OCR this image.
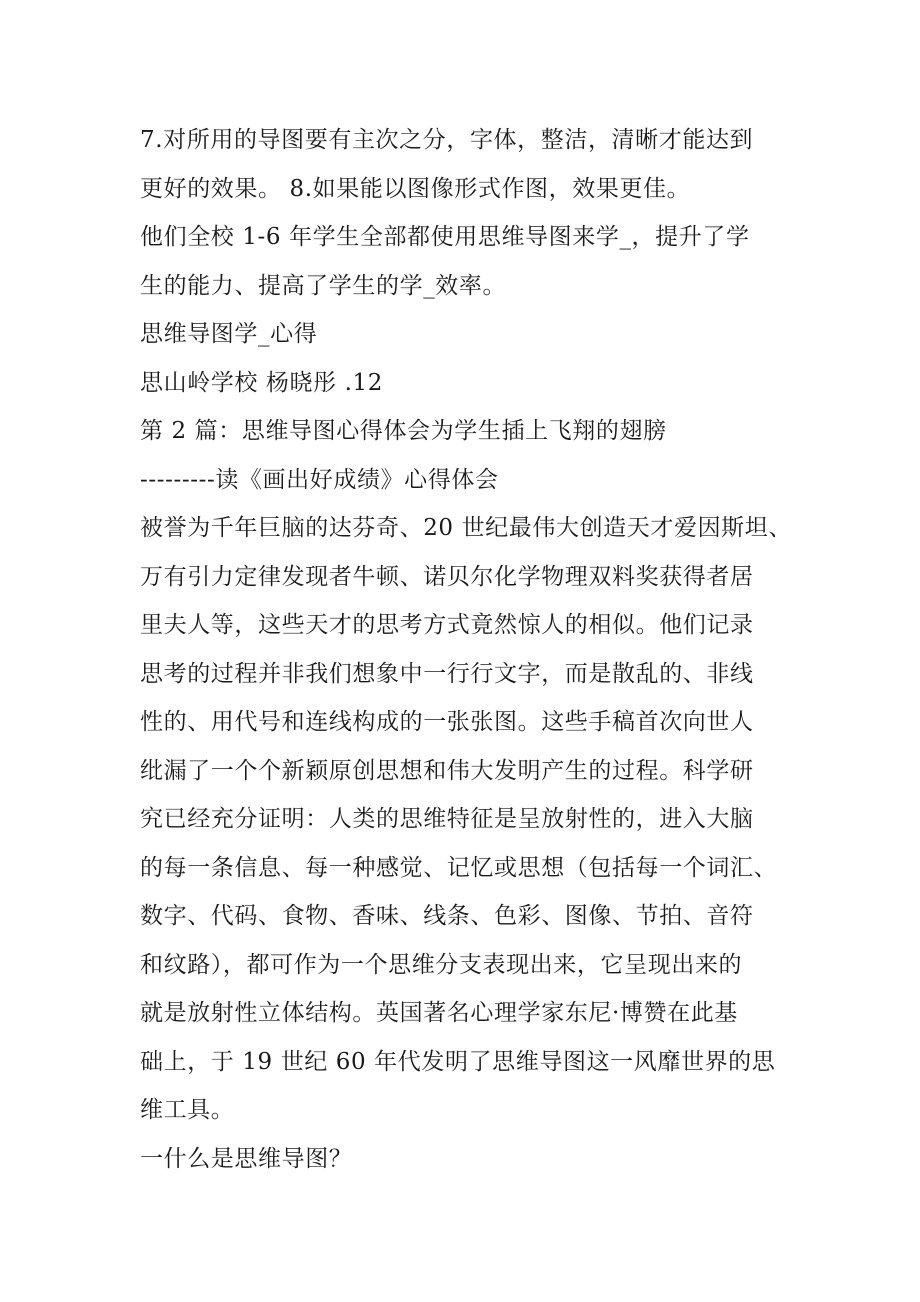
7.对所用的导图要有主次之分，字体，整洁，清晰才能达到
更好的效果。 8.如果能以图像形式作图，效果更佳。
他们全校 1-6 年学生全部都使用思维导图来学_，提升了学
生的能力、提高了学生的学_效率。
思维导图学_心得
思山岭学校 杨晓彤 .12
第 2 篇：思维导图心得体会为学生插上飞翔的翅膀
---------读《画出好成绩》心得体会
被誉为千年巨脑的达芬奇、20 世纪最伟大创造天才爱因斯坦、
万有引力定律发现者牛顿、诺贝尔化学物理双料奖获得者居
里夫人等，这些天才的思考方式竟然惊人的相似。他们记录
思考的过程并非我们想象中一行行文字，而是散乱的、非线
性的、用代号和连线构成的一张张图。这些手稿首次向世人
纰漏了一个个新颖原创思想和伟大发明产生的过程。科学研
究已经充分证明：人类的思维特征是呈放射性的，进入大脑
的每一条信息、每一种感觉、记忆或思想（包括每一个词汇、
数字、代码、食物、香味、线条、色彩、图像、节拍、音符
和纹路），都可作为一个思维分支表现出来，它呈现出来的
就是放射性立体结构。英国著名心理学家东尼·博赞在此基
础上，于 19 世纪 60 年代发明了思维导图这一风靡世界的思
维工具。
一什么是思维导图？
